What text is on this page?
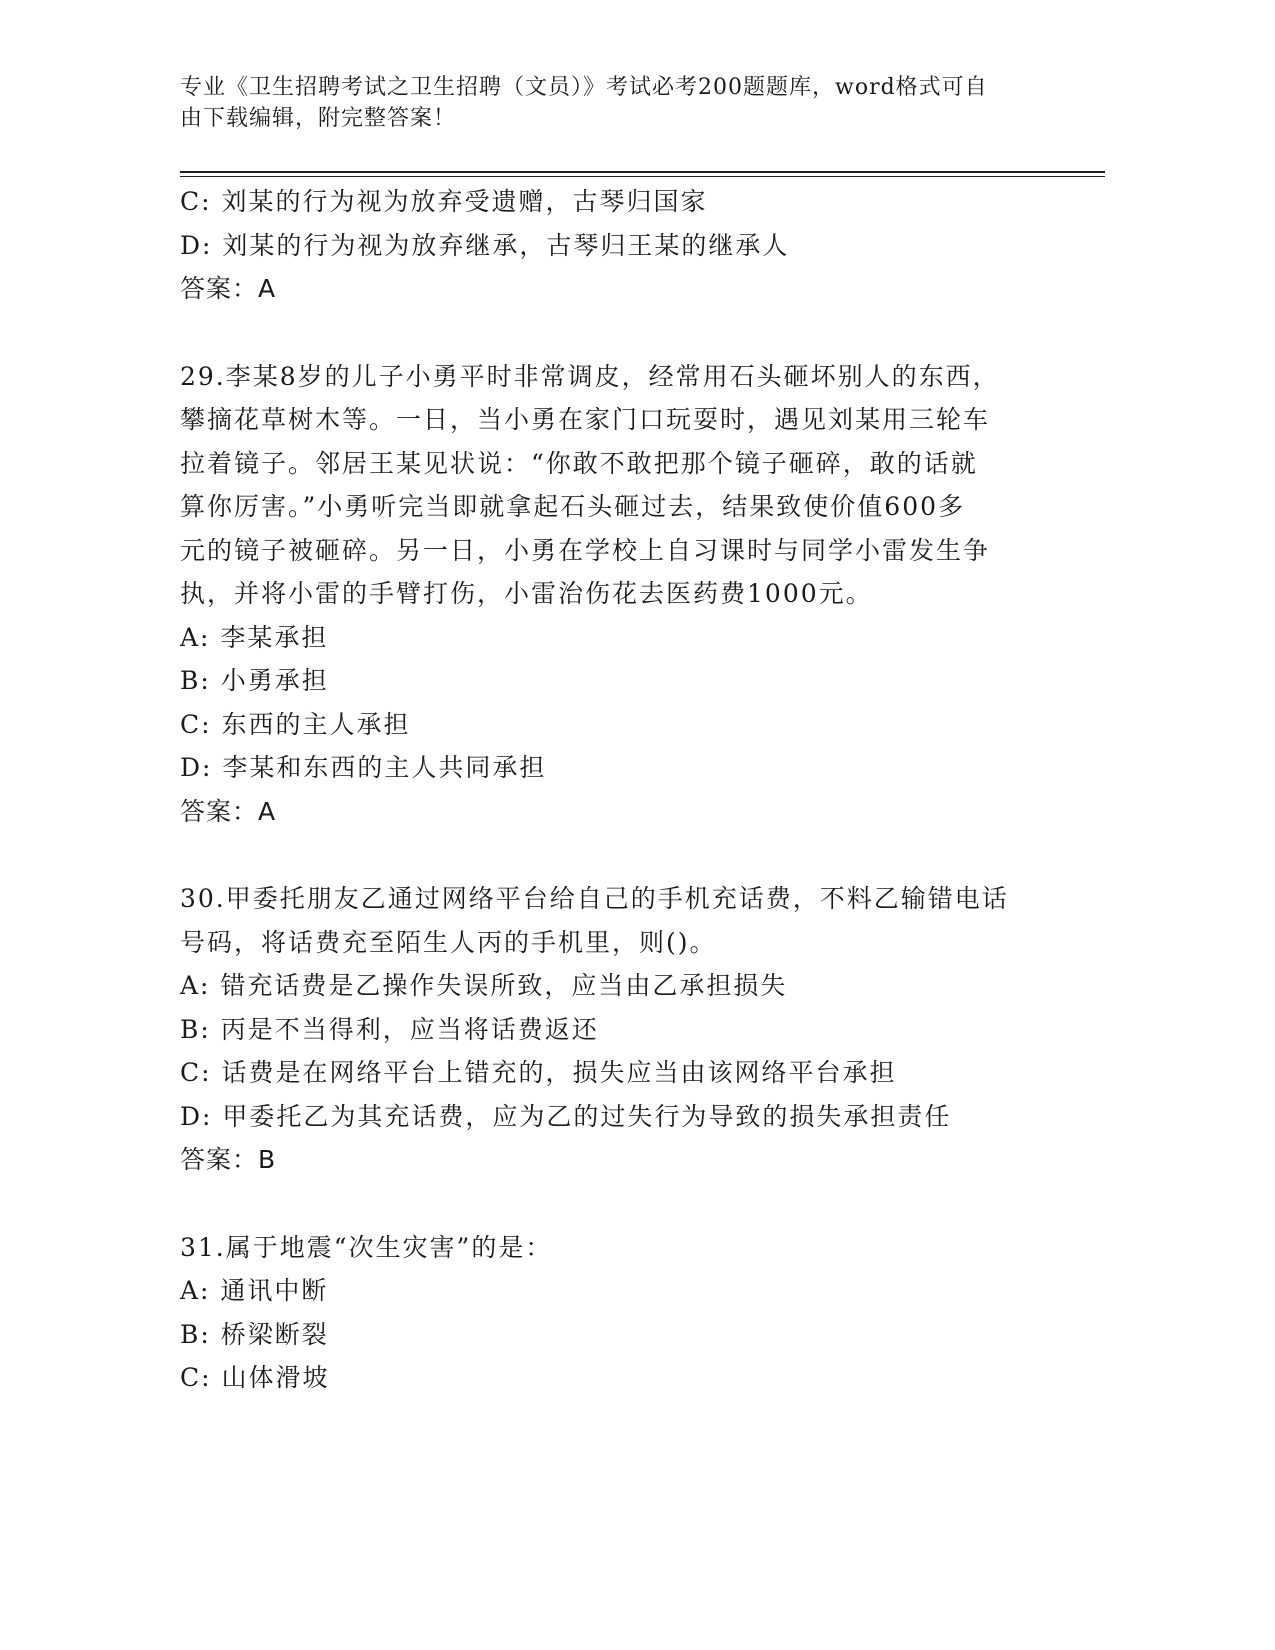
专业《卫生招聘考试之卫生招聘（文员）》考试必考200题题库，word格式可自
由下载编辑，附完整答案！
C: 刘某的行为视为放弃受遗赠，古琴归国家
D: 刘某的行为视为放弃继承，古琴归王某的继承人
答案：A
29.李某8岁的儿子小勇平时非常调皮，经常用石头砸坏别人的东西，
攀摘花草树木等。一日，当小勇在家门口玩耍时，遇见刘某用三轮车
拉着镜子。邻居王某见状说：“你敢不敢把那个镜子砸碎，敢的话就
算你厉害。”小勇听完当即就拿起石头砸过去，结果致使价值600多
元的镜子被砸碎。另一日，小勇在学校上自习课时与同学小雷发生争
执，并将小雷的手臂打伤，小雷治伤花去医药费1000元。
A: 李某承担
B: 小勇承担
C: 东西的主人承担
D: 李某和东西的主人共同承担
答案：A
30.甲委托朋友乙通过网络平台给自己的手机充话费，不料乙输错电话
号码，将话费充至陌生人丙的手机里，则()。
A: 错充话费是乙操作失误所致，应当由乙承担损失
B: 丙是不当得利，应当将话费返还
C: 话费是在网络平台上错充的，损失应当由该网络平台承担
D: 甲委托乙为其充话费，应为乙的过失行为导致的损失承担责任
答案：B
31.属于地震“次生灾害”的是：
A: 通讯中断
B: 桥梁断裂
C: 山体滑坡
